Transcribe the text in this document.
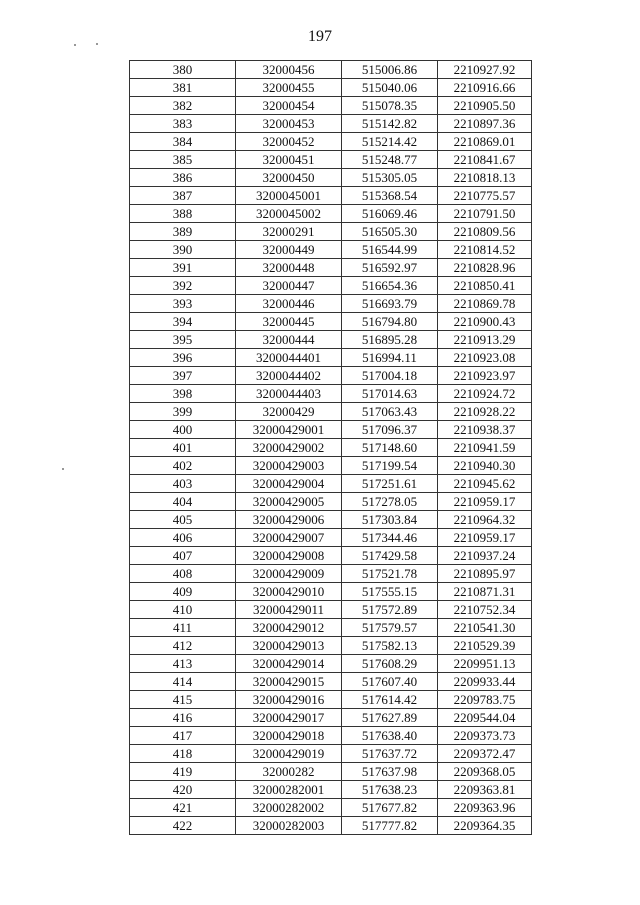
197
380	32000456	515006.86	2210927.92
381	32000455	515040.06	2210916.66
382	32000454	515078.35	2210905.50
383	32000453	515142.82	2210897.36
384	32000452	515214.42	2210869.01
385	32000451	515248.77	2210841.67
386	32000450	515305.05	2210818.13
387	3200045001	515368.54	2210775.57
388	3200045002	516069.46	2210791.50
389	32000291	516505.30	2210809.56
390	32000449	516544.99	2210814.52
391	32000448	516592.97	2210828.96
392	32000447	516654.36	2210850.41
393	32000446	516693.79	2210869.78
394	32000445	516794.80	2210900.43
395	32000444	516895.28	2210913.29
396	3200044401	516994.11	2210923.08
397	3200044402	517004.18	2210923.97
398	3200044403	517014.63	2210924.72
399	32000429	517063.43	2210928.22
400	32000429001	517096.37	2210938.37
401	32000429002	517148.60	2210941.59
402	32000429003	517199.54	2210940.30
403	32000429004	517251.61	2210945.62
404	32000429005	517278.05	2210959.17
405	32000429006	517303.84	2210964.32
406	32000429007	517344.46	2210959.17
407	32000429008	517429.58	2210937.24
408	32000429009	517521.78	2210895.97
409	32000429010	517555.15	2210871.31
410	32000429011	517572.89	2210752.34
411	32000429012	517579.57	2210541.30
412	32000429013	517582.13	2210529.39
413	32000429014	517608.29	2209951.13
414	32000429015	517607.40	2209933.44
415	32000429016	517614.42	2209783.75
416	32000429017	517627.89	2209544.04
417	32000429018	517638.40	2209373.73
418	32000429019	517637.72	2209372.47
419	32000282	517637.98	2209368.05
420	32000282001	517638.23	2209363.81
421	32000282002	517677.82	2209363.96
422	32000282003	517777.82	2209364.35
